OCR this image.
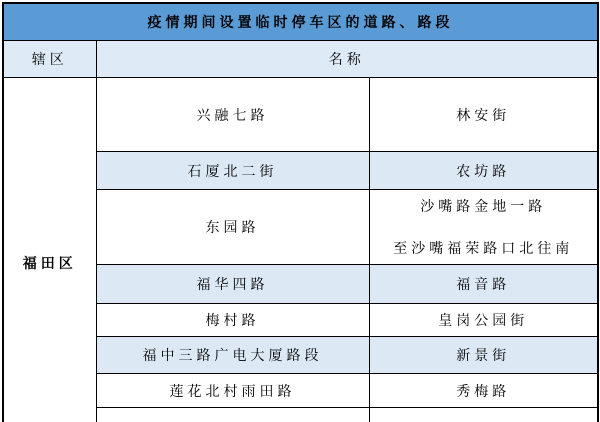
疫情期间设置临时停车区的道路、路段		
辖区	名称	
福田区	兴融七路	林安街
	石厦北二街	农坊路
	东园路	沙嘴路金地一路
至沙嘴福荣路口北往南

	福华四路	福音路
	梅村路	皇岗公园街
	福中三路广电大厦路段	新景街
	莲花北村雨田路	秀梅路
